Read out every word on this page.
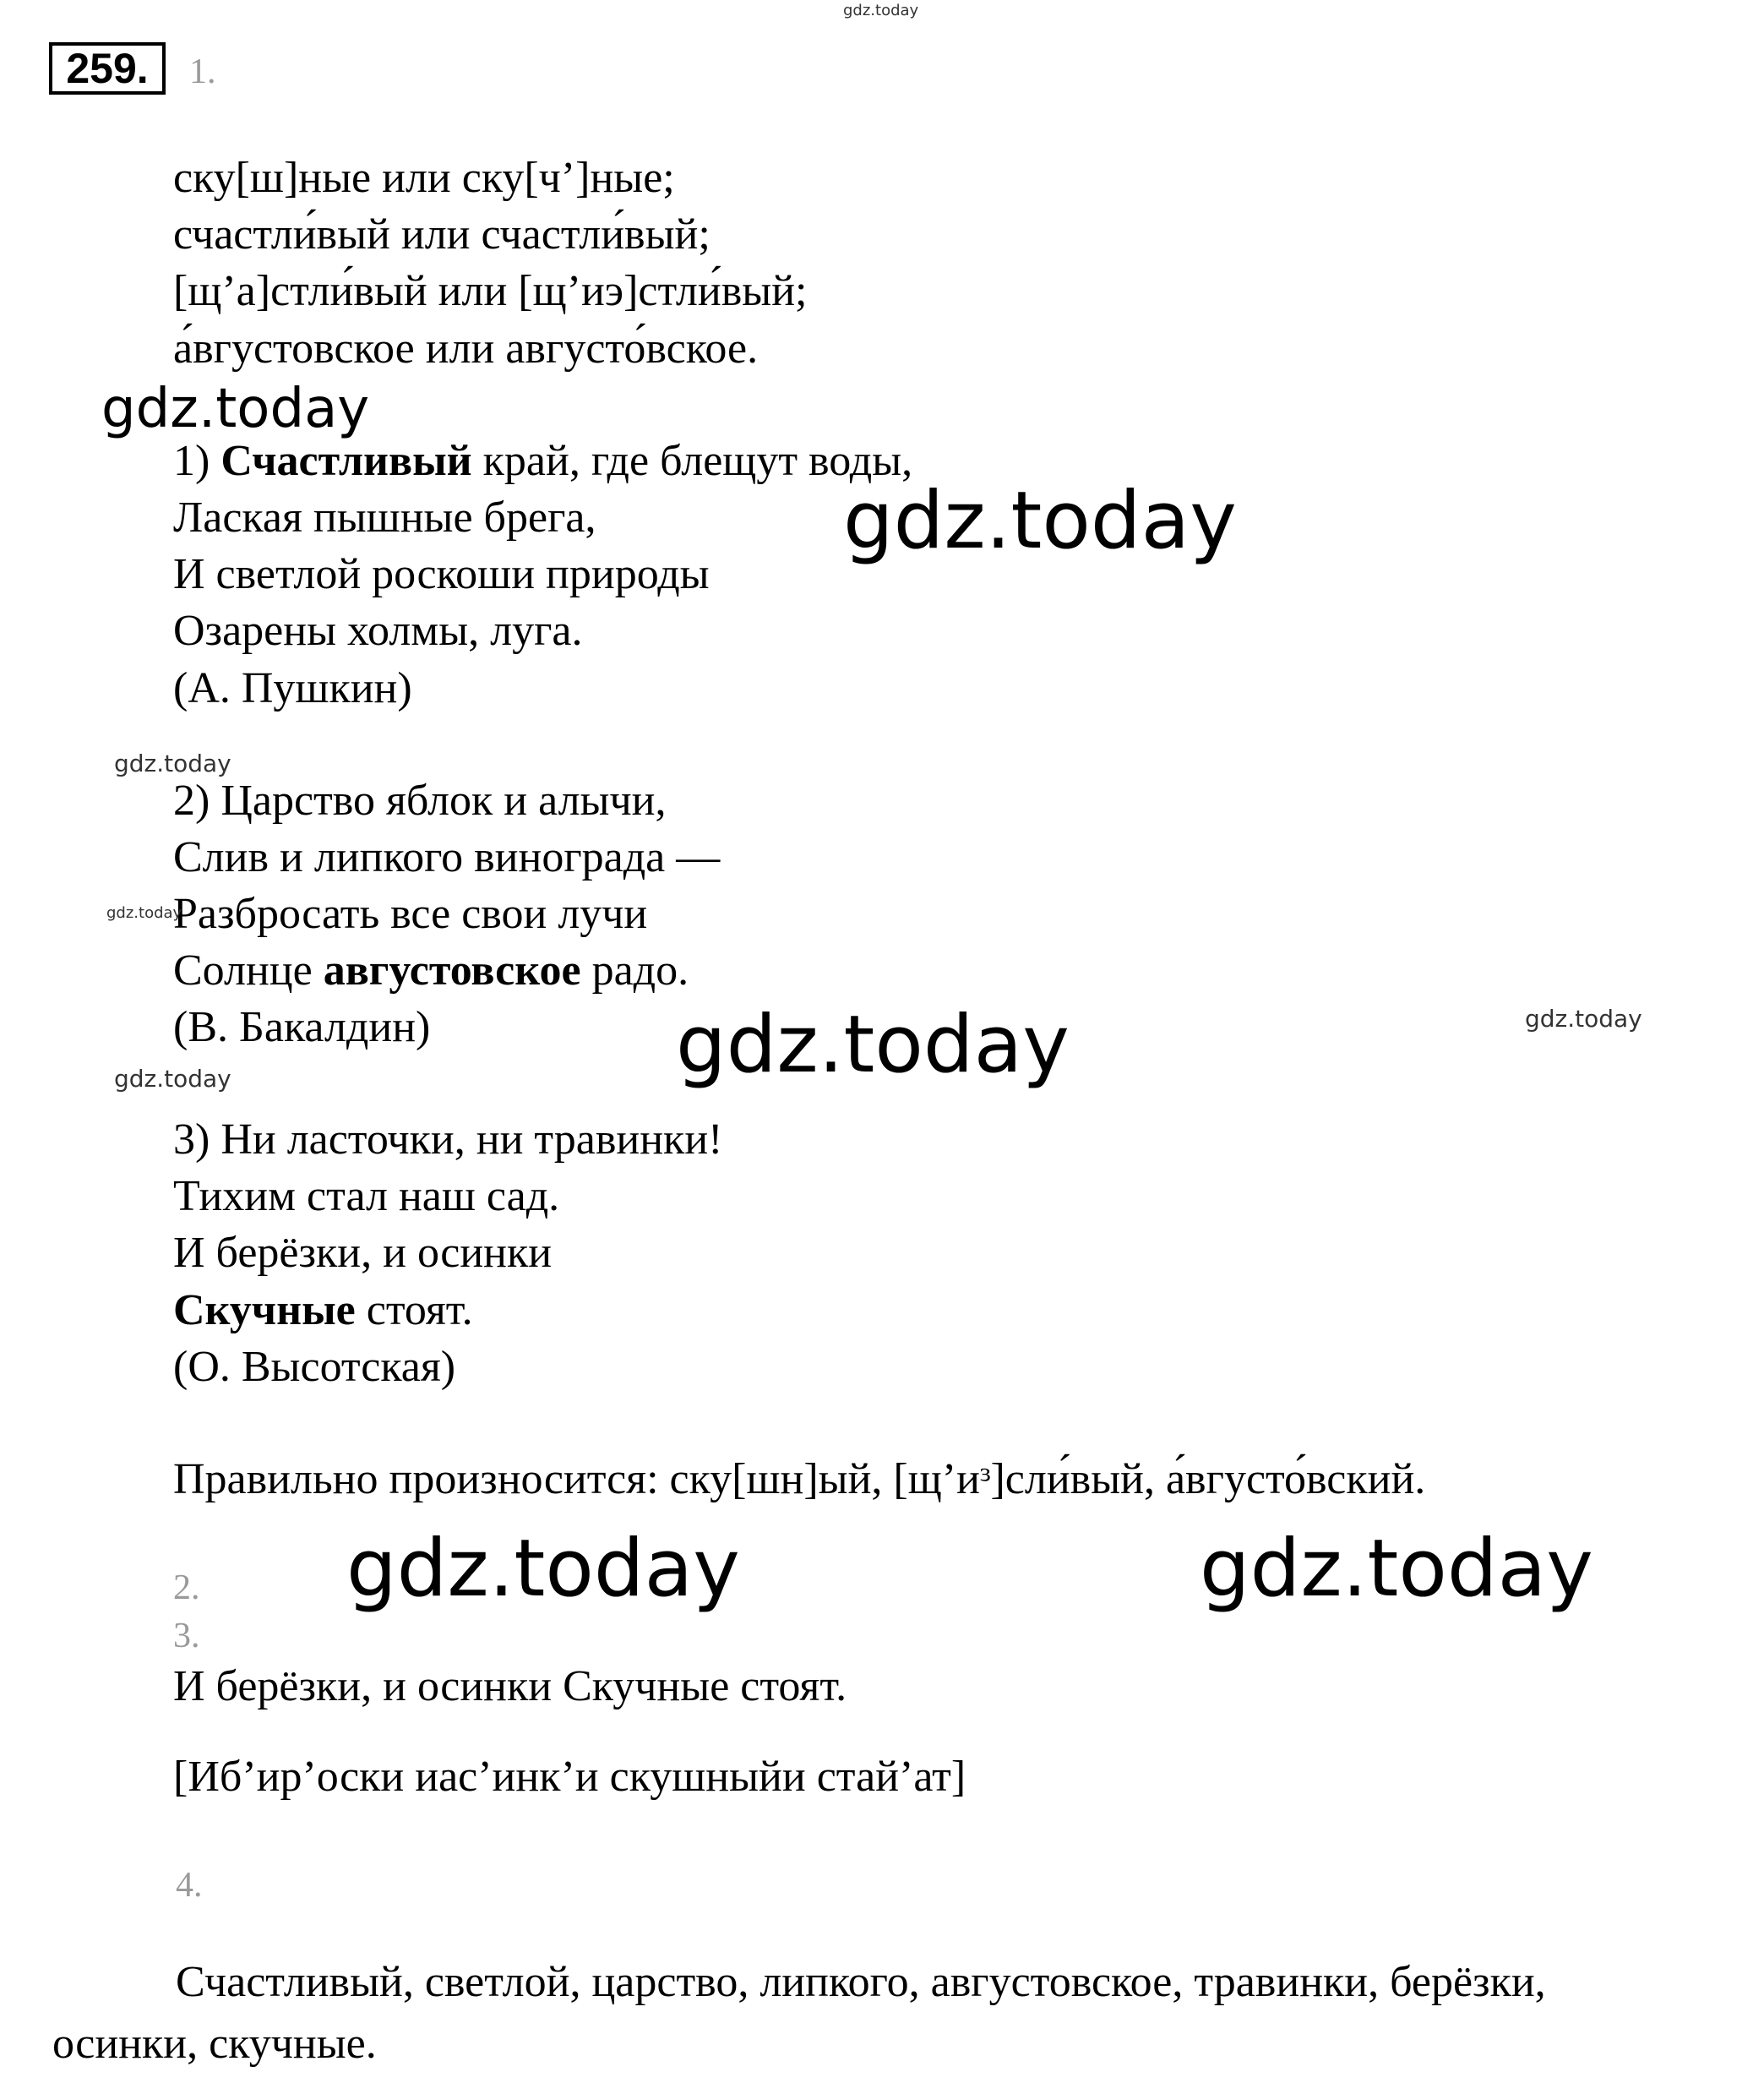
259.	1.
ску[ш]ные или ску[ч’]ные;
счастли́вый или счастли́вый;
[щ’а]стли́вый или [щ’иэ]стли́вый;
а́вгустовское или августо́вское.
1) Счастливый край, где блещут воды,
Лаская пышные брега,
И светлой роскоши природы
Озарены холмы, луга.
(А. Пушкин)
2) Царство яблок и алычи,
Слив и липкого винограда —
Разбросать все свои лучи
Солнце августовское радо.
(В. Бакалдин)
3) Ни ласточки, ни травинки!
Тихим стал наш сад.
И берёзки, и осинки
Скучные стоят.
(О. Высотская)
Правильно произносится: ску[шн]ый, [щ’иᵌ]сли́вый, а́вгусто́вский.
2.
3.
И берёзки, и осинки Скучные стоят.
[Иб’ир’оски иас’инк’и скушныйи стай’ат]
4.
Счастливый, светлой, царство, липкого, августовское, травинки, берёзки,
осинки, скучные.
gdz.today
gdz.today
gdz.today
gdz.today
gdz.today
gdz.today
gdz.today
gdz.today
gdz.today	gdz.today
